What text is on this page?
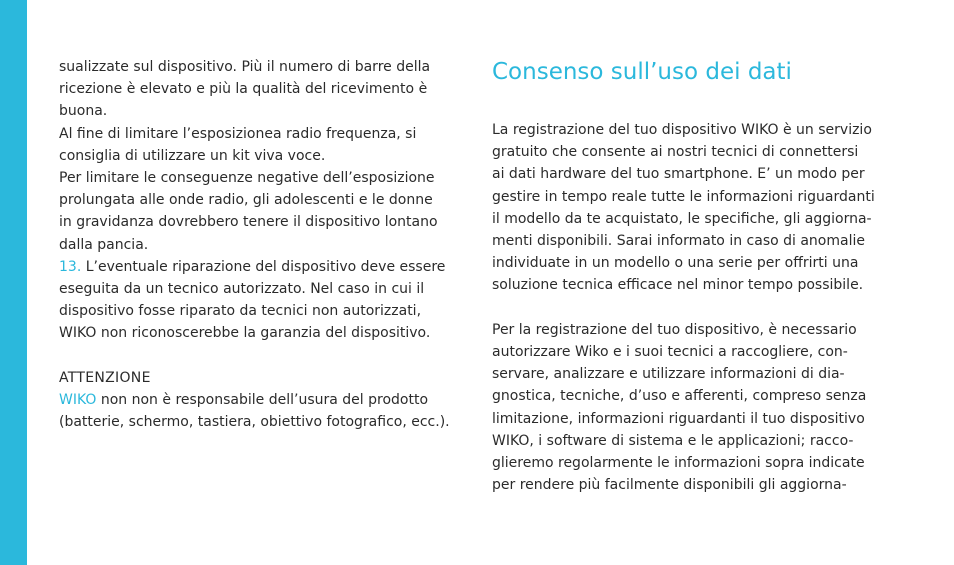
sualizzate sul dispositivo. Più il numero di barre della
ricezione è elevato e più la qualità del ricevimento è
buona.

Al fine di limitare l’esposizionea radio frequenza, si
consiglia di utilizzare un kit viva voce.

Per limitare le conseguenze negative dell’esposizione
prolungata alle onde radio, gli adolescenti e le donne
in gravidanza dovrebbero tenere il dispositivo lontano
dalla pancia.

13. L’eventuale riparazione del dispositivo deve essere
eseguita da un tecnico autorizzato. Nel caso in cui il
dispositivo fosse riparato da tecnici non autorizzati,
WIKO non riconoscerebbe la garanzia del dispositivo.

ATTENZIONE
WIKO non non è responsabile dell’usura del prodotto
(batterie, schermo, tastiera, obiettivo fotografico, ecc.).

Consenso sull’uso dei dati

La registrazione del tuo dispositivo WIKO è un servizio
gratuito che consente ai nostri tecnici di connettersi
ai dati hardware del tuo smartphone. E’ un modo per
gestire in tempo reale tutte le informazioni riguardanti
il modello da te acquistato, le specifiche, gli aggiorna-
menti disponibili. Sarai informato in caso di anomalie
individuate in un modello o una serie per offrirti una
soluzione tecnica efficace nel minor tempo possibile.

Per la registrazione del tuo dispositivo, è necessario
autorizzare Wiko e i suoi tecnici a raccogliere, con-
servare, analizzare e utilizzare informazioni di dia-
gnostica, tecniche, d’uso e afferenti, compreso senza
limitazione, informazioni riguardanti il tuo dispositivo
WIKO, i software di sistema e le applicazioni; racco-
glieremo regolarmente le informazioni sopra indicate
per rendere più facilmente disponibili gli aggiorna-
